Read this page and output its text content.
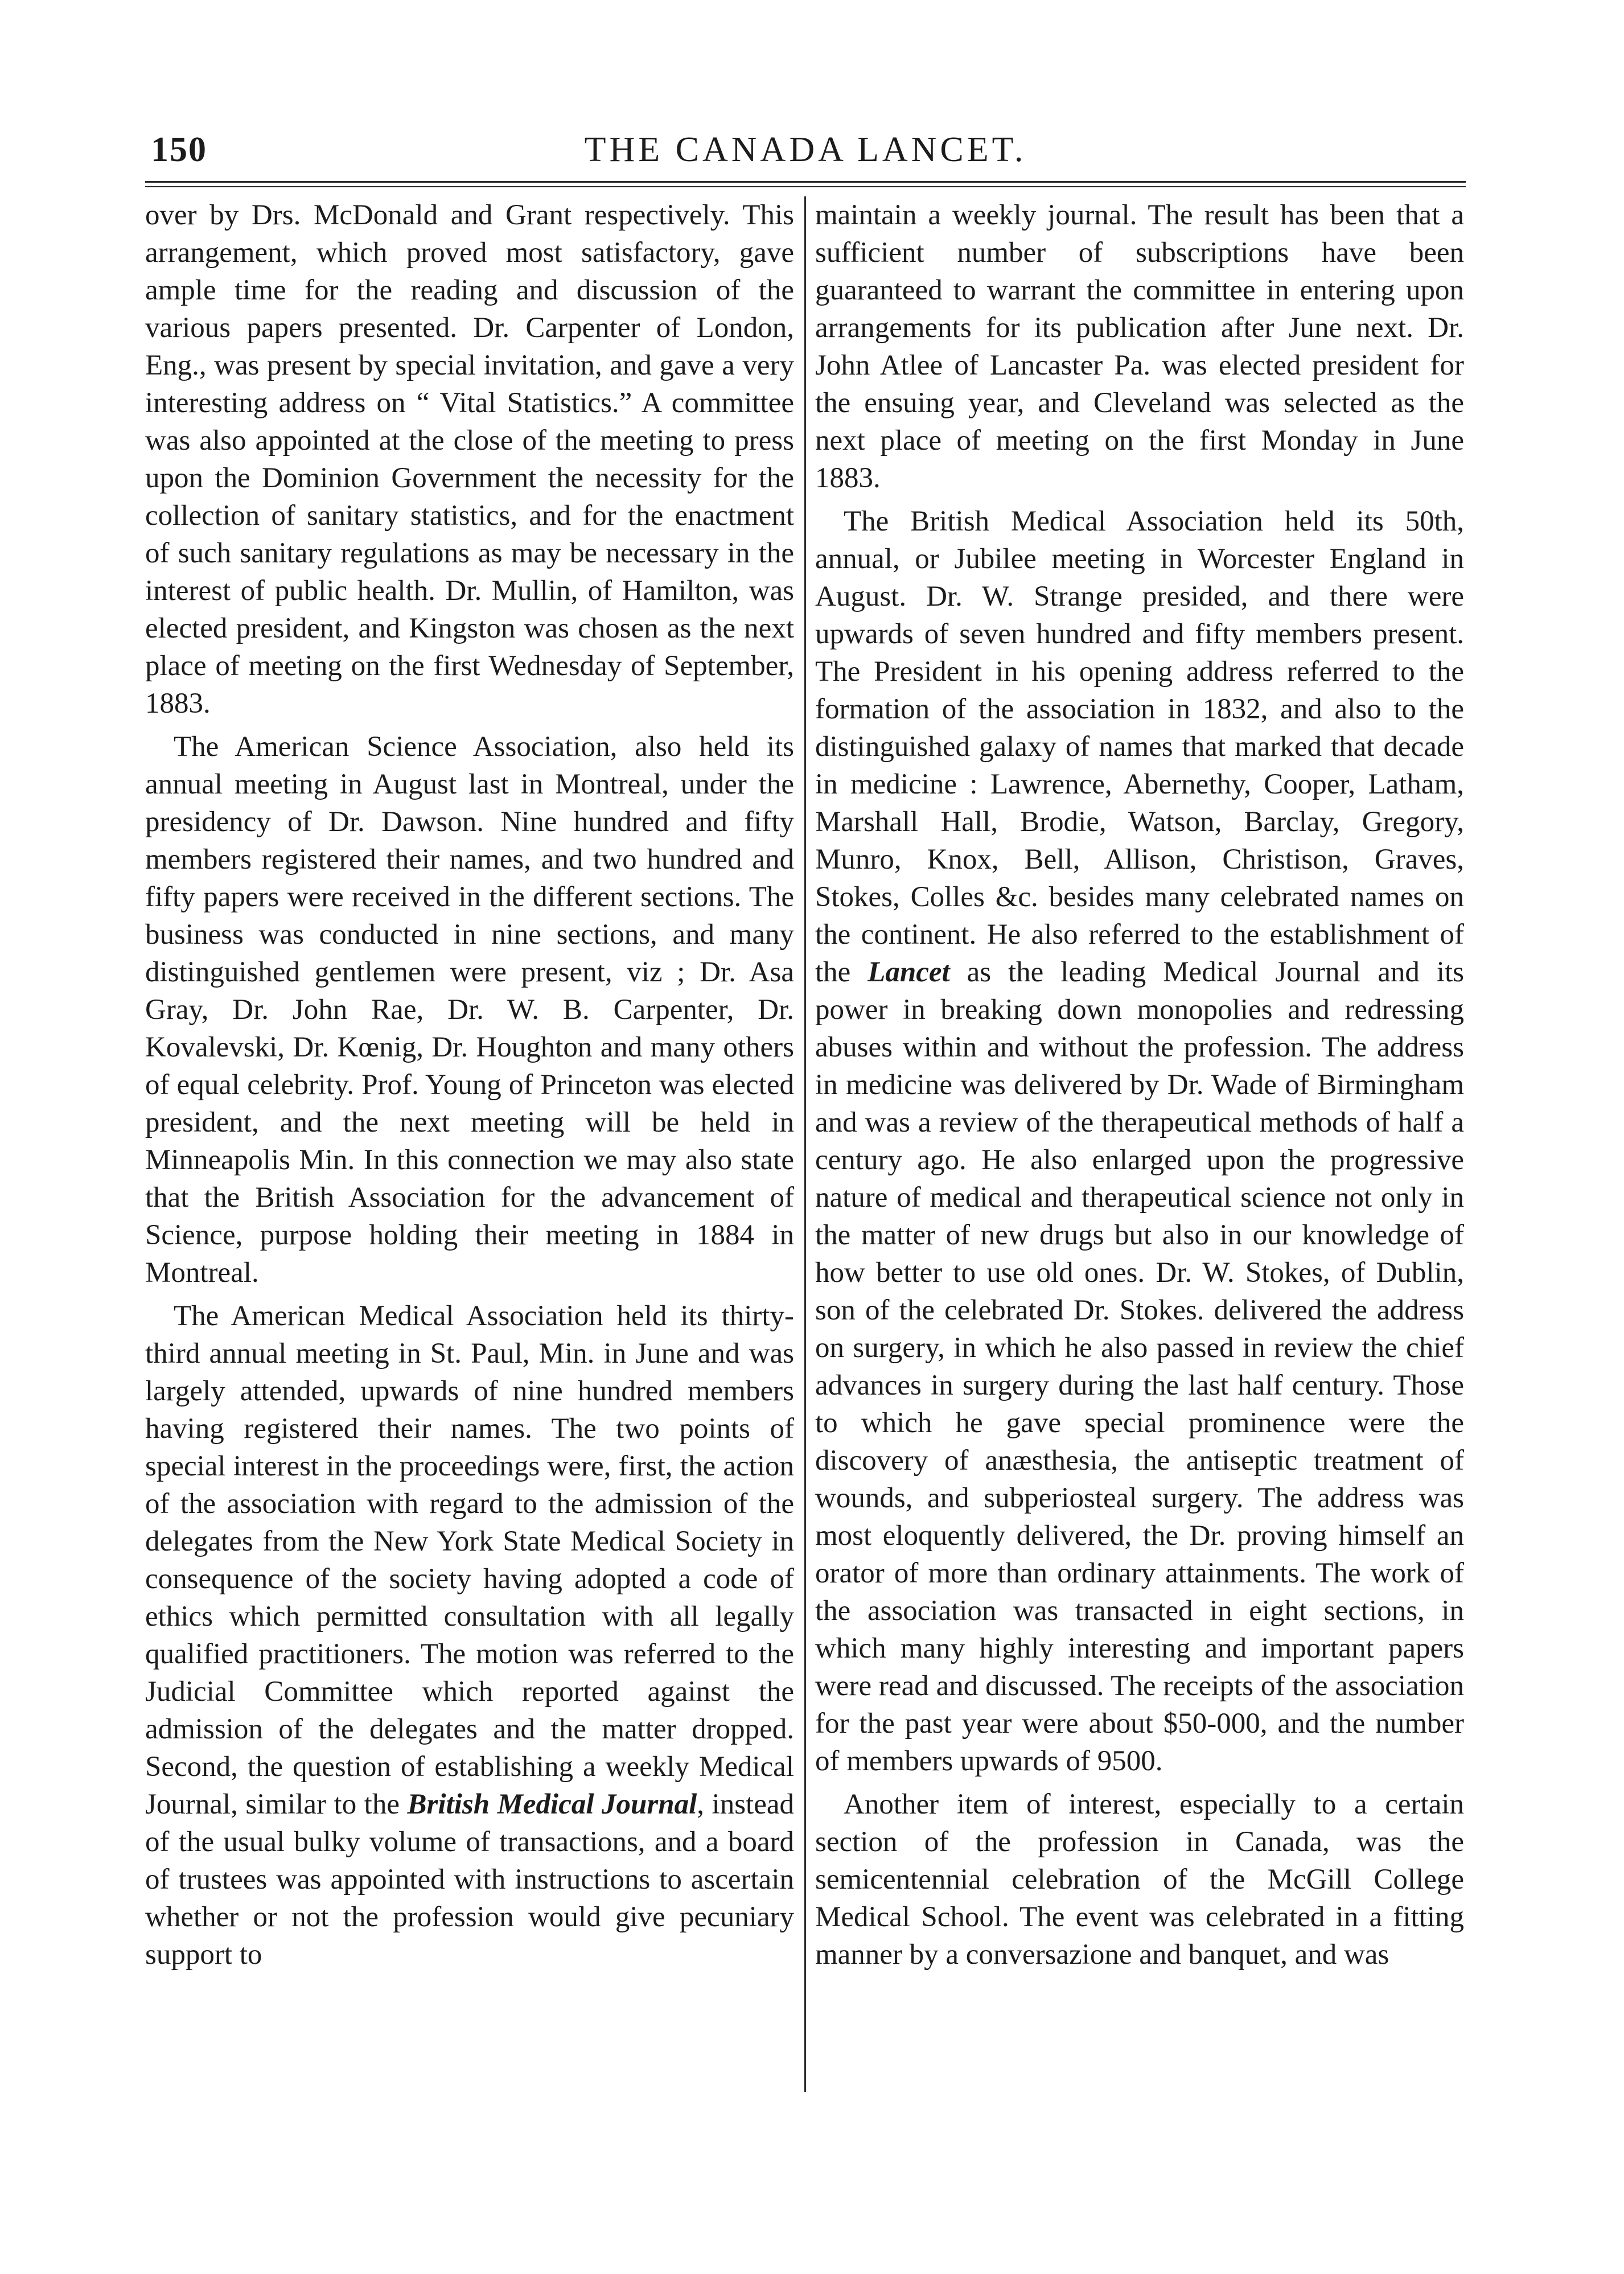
150	THE CANADA LANCET.

over by Drs. McDonald and Grant respectively. This arrangement, which proved most satisfactory, gave ample time for the reading and discussion of the various papers presented. Dr. Carpenter of London, Eng., was present by special invitation, and gave a very interesting address on “ Vital Statistics.” A committee was also appointed at the close of the meeting to press upon the Dominion Government the necessity for the collection of sanitary statistics, and for the enactment of such sanitary regulations as may be necessary in the interest of public health. Dr. Mullin, of Hamilton, was elected president, and Kingston was chosen as the next place of meeting on the first Wednesday of September, 1883.

The American Science Association, also held its annual meeting in August last in Montreal, under the presidency of Dr. Dawson. Nine hundred and fifty members registered their names, and two hundred and fifty papers were received in the different sections. The business was conducted in nine sections, and many distinguished gentlemen were present, viz ; Dr. Asa Gray, Dr. John Rae, Dr. W. B. Carpenter, Dr. Kovalevski, Dr. Kœnig, Dr. Houghton and many others of equal celebrity. Prof. Young of Princeton was elected president, and the next meeting will be held in Minneapolis Min. In this connection we may also state that the British Association for the advancement of Science, purpose holding their meeting in 1884 in Montreal.

The American Medical Association held its thirty-third annual meeting in St. Paul, Min. in June and was largely attended, upwards of nine hundred members having registered their names. The two points of special interest in the proceedings were, first, the action of the association with regard to the admission of the delegates from the New York State Medical Society in consequence of the society having adopted a code of ethics which permitted consultation with all legally qualified practitioners. The motion was referred to the Judicial Committee which reported against the admission of the delegates and the matter dropped. Second, the question of establishing a weekly Medical Journal, similar to the British Medical Journal, instead of the usual bulky volume of transactions, and a board of trustees was appointed with instructions to ascertain whether or not the profession would give pecuniary support to

maintain a weekly journal. The result has been that a sufficient number of subscriptions have been guaranteed to warrant the committee in entering upon arrangements for its publication after June next. Dr. John Atlee of Lancaster Pa. was elected president for the ensuing year, and Cleveland was selected as the next place of meeting on the first Monday in June 1883.

The British Medical Association held its 50th, annual, or Jubilee meeting in Worcester England in August. Dr. W. Strange presided, and there were upwards of seven hundred and fifty members present. The President in his opening address referred to the formation of the association in 1832, and also to the distinguished galaxy of names that marked that decade in medicine : Lawrence, Abernethy, Cooper, Latham, Marshall Hall, Brodie, Watson, Barclay, Gregory, Munro, Knox, Bell, Allison, Christison, Graves, Stokes, Colles &c. besides many celebrated names on the continent. He also referred to the establishment of the Lancet as the leading Medical Journal and its power in breaking down monopolies and redressing abuses within and without the profession. The address in medicine was delivered by Dr. Wade of Birmingham and was a review of the therapeutical methods of half a century ago. He also enlarged upon the progressive nature of medical and therapeutical science not only in the matter of new drugs but also in our knowledge of how better to use old ones. Dr. W. Stokes, of Dublin, son of the celebrated Dr. Stokes. delivered the address on surgery, in which he also passed in review the chief advances in surgery during the last half century. Those to which he gave special prominence were the discovery of anæsthesia, the antiseptic treatment of wounds, and subperiosteal surgery. The address was most eloquently delivered, the Dr. proving himself an orator of more than ordinary attainments. The work of the association was transacted in eight sections, in which many highly interesting and important papers were read and discussed. The receipts of the association for the past year were about $50-000, and the number of members upwards of 9500.

Another item of interest, especially to a certain section of the profession in Canada, was the semicentennial celebration of the McGill College Medical School. The event was celebrated in a fitting manner by a conversazione and banquet, and was
